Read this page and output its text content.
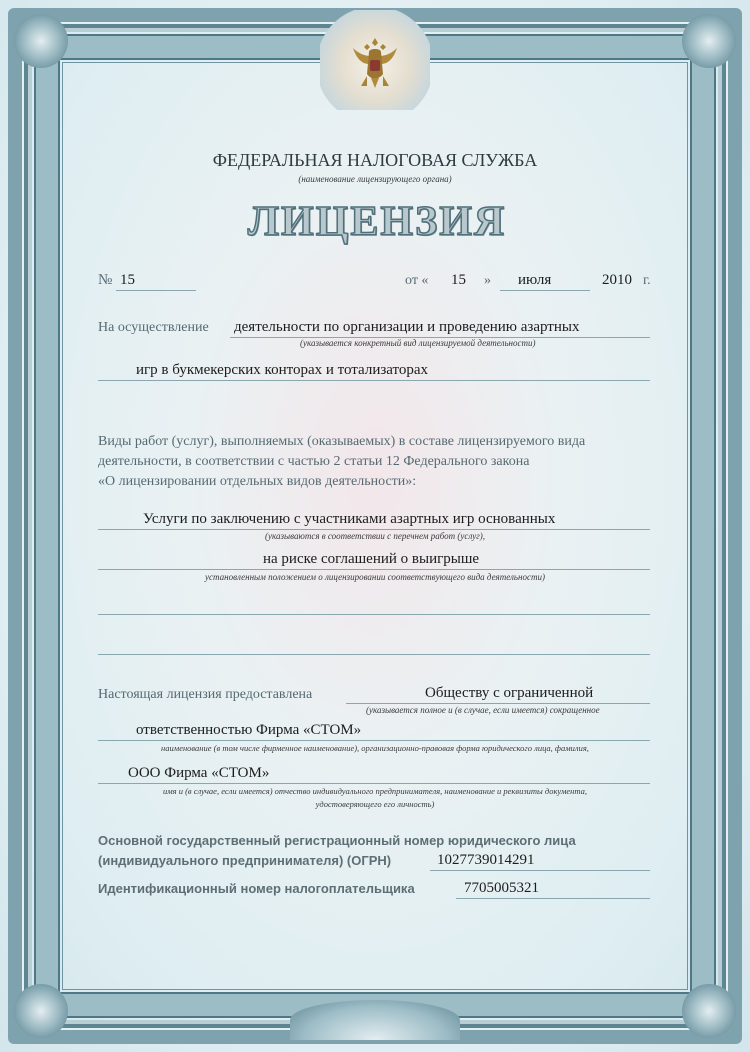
ФЕДЕРАЛЬНАЯ НАЛОГОВАЯ СЛУЖБА
(наименование лицензирующего органа)
ЛИЦЕНЗИЯ
№ 15	от « 15 » июля	2010 г.
На осуществление деятельности по организации и проведению азартных
(указывается конкретный вид лицензируемой деятельности)
игр в букмекерских конторах и тотализаторах
Виды работ (услуг), выполняемых (оказываемых) в составе лицензируемого вида
деятельности, в соответствии с частью 2 статьи 12 Федерального закона
«О лицензировании отдельных видов деятельности»:
Услуги по заключению с участниками азартных игр основанных
(указываются в соответствии с перечнем работ (услуг),
на риске соглашений о выигрыше
установленным положением о лицензировании соответствующего вида деятельности)
Настоящая лицензия предоставлена	Обществу с ограниченной
(указывается полное и (в случае, если имеется) сокращенное
ответственностью Фирма «СТОМ»
наименование (в том числе фирменное наименование), организационно-правовая форма юридического лица, фамилия,
ООО Фирма «СТОМ»
имя и (в случае, если имеется) отчество индивидуального предпринимателя, наименование и реквизиты документа,
удостоверяющего его личность)
Основной государственный регистрационный номер юридического лица
(индивидуального предпринимателя) (ОГРН)	1027739014291
Идентификационный номер налогоплательщика	7705005321
